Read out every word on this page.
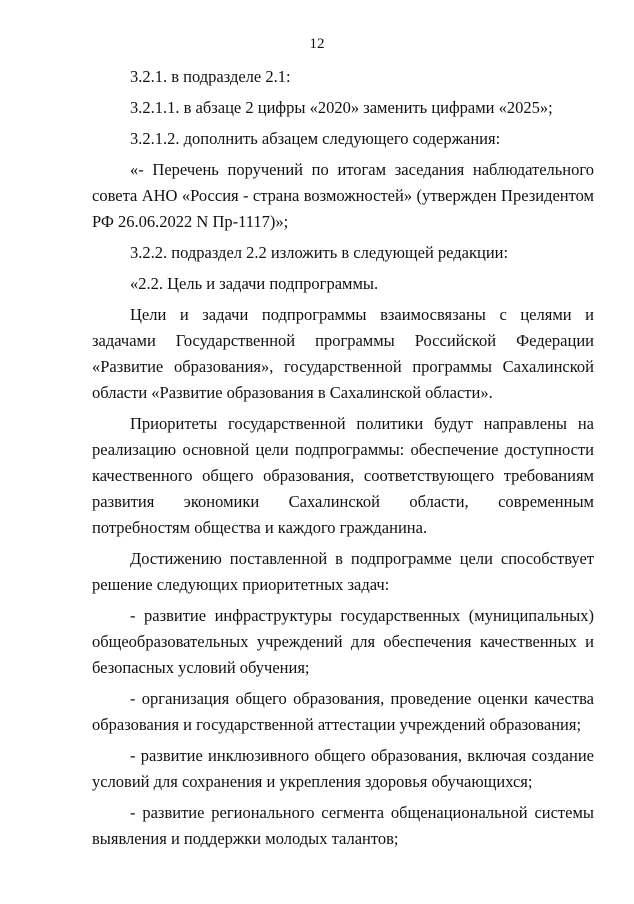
12

3.2.1. в подразделе 2.1:

3.2.1.1. в абзаце 2 цифры «2020» заменить цифрами «2025»;

3.2.1.2. дополнить абзацем следующего содержания:

«- Перечень поручений по итогам заседания наблюдательного совета АНО «Россия - страна возможностей» (утвержден Президентом РФ 26.06.2022 N Пр-1117)»;

3.2.2. подраздел 2.2 изложить в следующей редакции:

«2.2. Цель и задачи подпрограммы.

Цели и задачи подпрограммы взаимосвязаны с целями и задачами Государственной программы Российской Федерации «Развитие образования», государственной программы Сахалинской области «Развитие образования в Сахалинской области».

Приоритеты государственной политики будут направлены на реализацию основной цели подпрограммы: обеспечение доступности качественного общего образования, соответствующего требованиям развития экономики Сахалинской области, современным потребностям общества и каждого гражданина.

Достижению поставленной в подпрограмме цели способствует решение следующих приоритетных задач:

- развитие инфраструктуры государственных (муниципальных) общеобразовательных учреждений для обеспечения качественных и безопасных условий обучения;

- организация общего образования, проведение оценки качества образования и государственной аттестации учреждений образования;

- развитие инклюзивного общего образования, включая создание условий для сохранения и укрепления здоровья обучающихся;

- развитие регионального сегмента общенациональной системы выявления и поддержки молодых талантов;
